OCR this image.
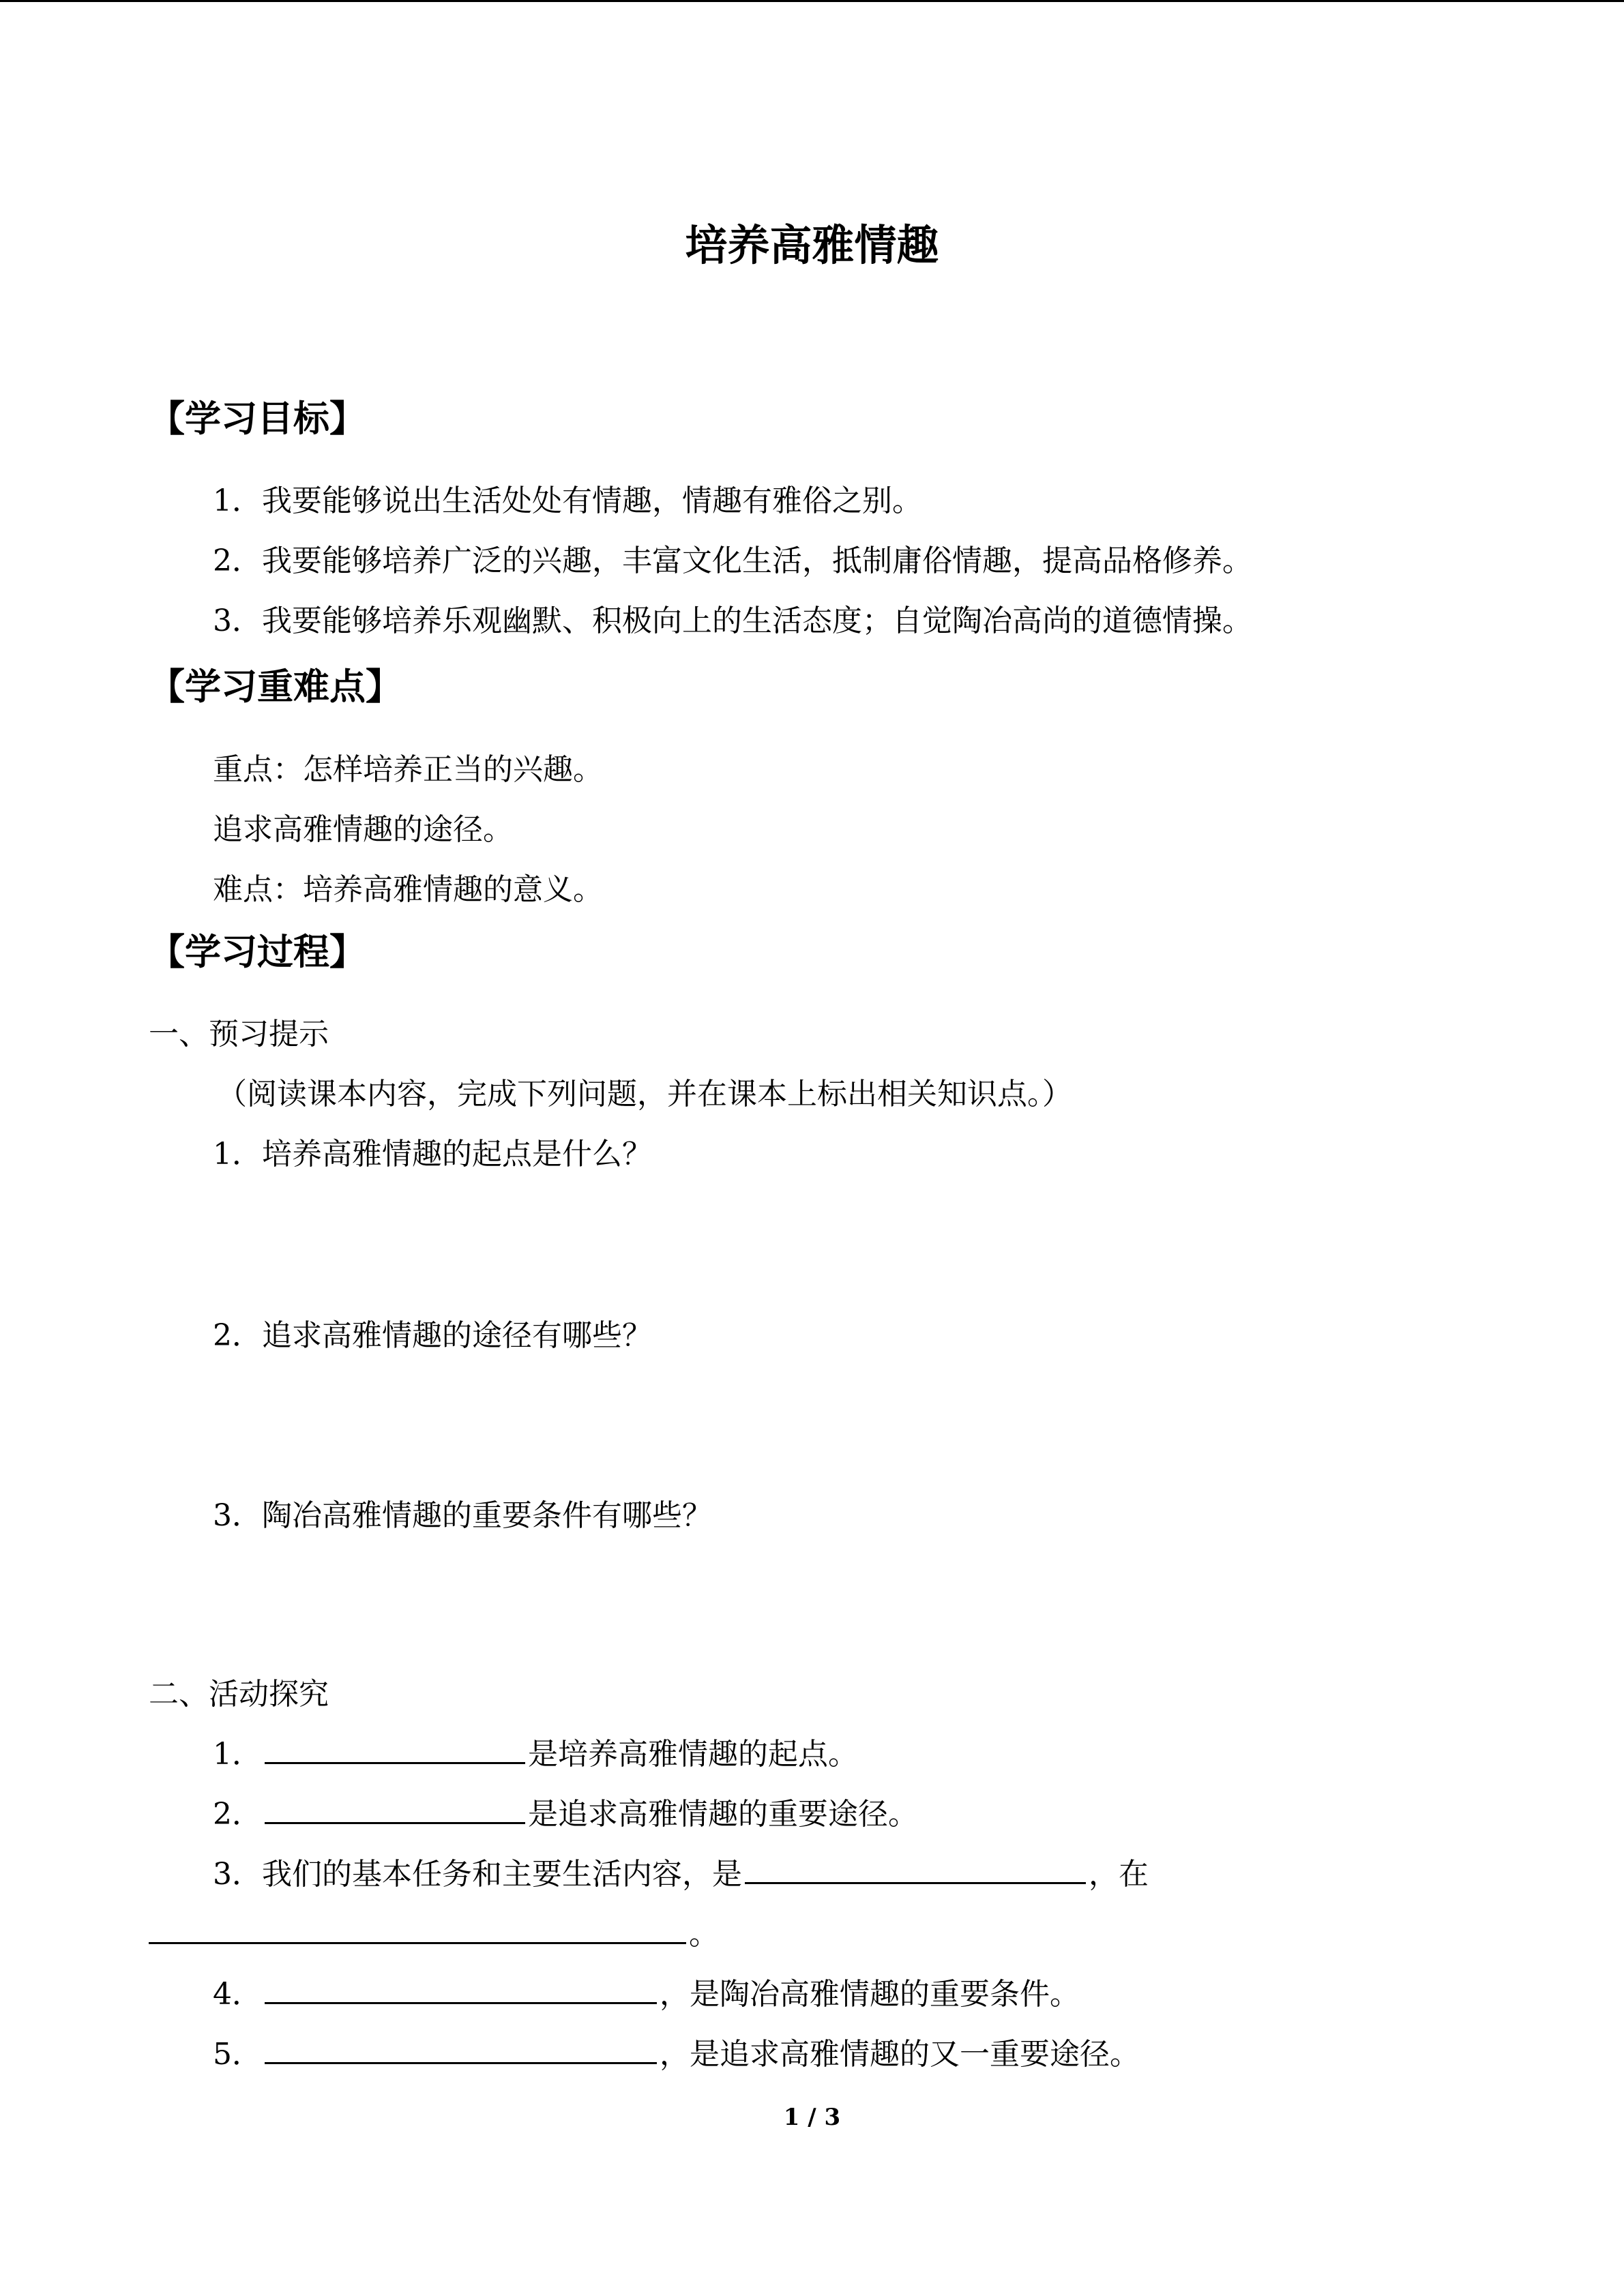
培养高雅情趣
【学习目标】
1．我要能够说出生活处处有情趣，情趣有雅俗之别。
2．我要能够培养广泛的兴趣，丰富文化生活，抵制庸俗情趣，提高品格修养。
3．我要能够培养乐观幽默、积极向上的生活态度；自觉陶冶高尚的道德情操。
【学习重难点】
重点：怎样培养正当的兴趣。
追求高雅情趣的途径。
难点：培养高雅情趣的意义。
【学习过程】
一、预习提示
（阅读课本内容，完成下列问题，并在课本上标出相关知识点。）
1．培养高雅情趣的起点是什么？
2．追求高雅情趣的途径有哪些？
3．陶冶高雅情趣的重要条件有哪些？
二、活动探究
1．	是培养高雅情趣的起点。
2．	是追求高雅情趣的重要途径。
3．我们的基本任务和主要生活内容，是	，在
。
4．	，是陶冶高雅情趣的重要条件。
5．	，是追求高雅情趣的又一重要途径。
1 / 3
